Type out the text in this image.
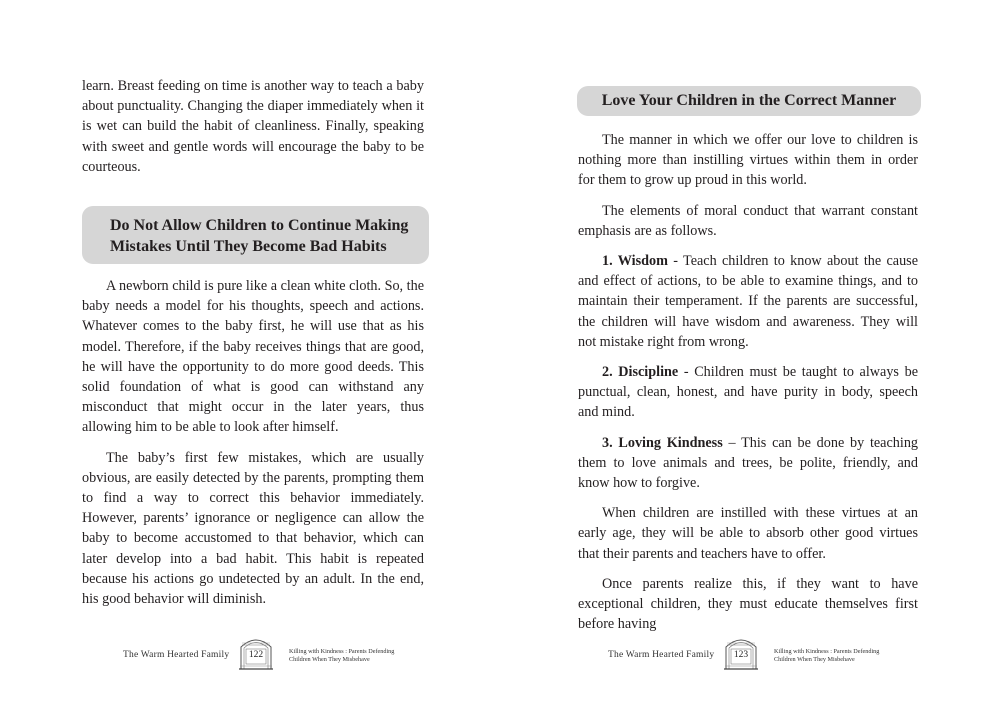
learn. Breast feeding on time is another way to teach a baby about punctuality. Changing the diaper immediately when it is wet can build the habit of cleanliness. Finally, speaking with sweet and gentle words will encourage the baby to be courteous.

Do Not Allow Children to Continue Making Mistakes Until They Become Bad Habits

A newborn child is pure like a clean white cloth. So, the baby needs a model for his thoughts, speech and actions. Whatever comes to the baby first, he will use that as his model. Therefore, if the baby receives things that are good, he will have the opportunity to do more good deeds. This solid foundation of what is good can withstand any misconduct that might occur in the later years, thus allowing him to be able to look after himself.

The baby’s first few mistakes, which are usually obvious, are easily detected by the parents, prompting them to find a way to correct this behavior immediately. However, parents’ ignorance or negligence can allow the baby to become accustomed to that behavior, which can later develop into a bad habit. This habit is repeated because his actions go undetected by an adult. In the end, his good behavior will diminish.

The Warm Hearted Family	122	Killing with Kindness : Parents Defending
Children When They Misbehave
Love Your Children in the Correct Manner

The manner in which we offer our love to children is nothing more than instilling virtues within them in order for them to grow up proud in this world.

The elements of moral conduct that warrant constant emphasis are as follows.

1. Wisdom - Teach children to know about the cause and effect of actions, to be able to examine things, and to maintain their temperament. If the parents are successful, the children will have wisdom and awareness. They will not mistake right from wrong.

2. Discipline - Children must be taught to always be punctual, clean, honest, and have purity in body, speech and mind.

3. Loving Kindness – This can be done by teaching them to love animals and trees, be polite, friendly, and know how to forgive.

When children are instilled with these virtues at an early age, they will be able to absorb other good virtues that their parents and teachers have to offer.

Once parents realize this, if they want to have exceptional children, they must educate themselves first before having

The Warm Hearted Family	123	Killing with Kindness : Parents Defending
Children When They Misbehave
